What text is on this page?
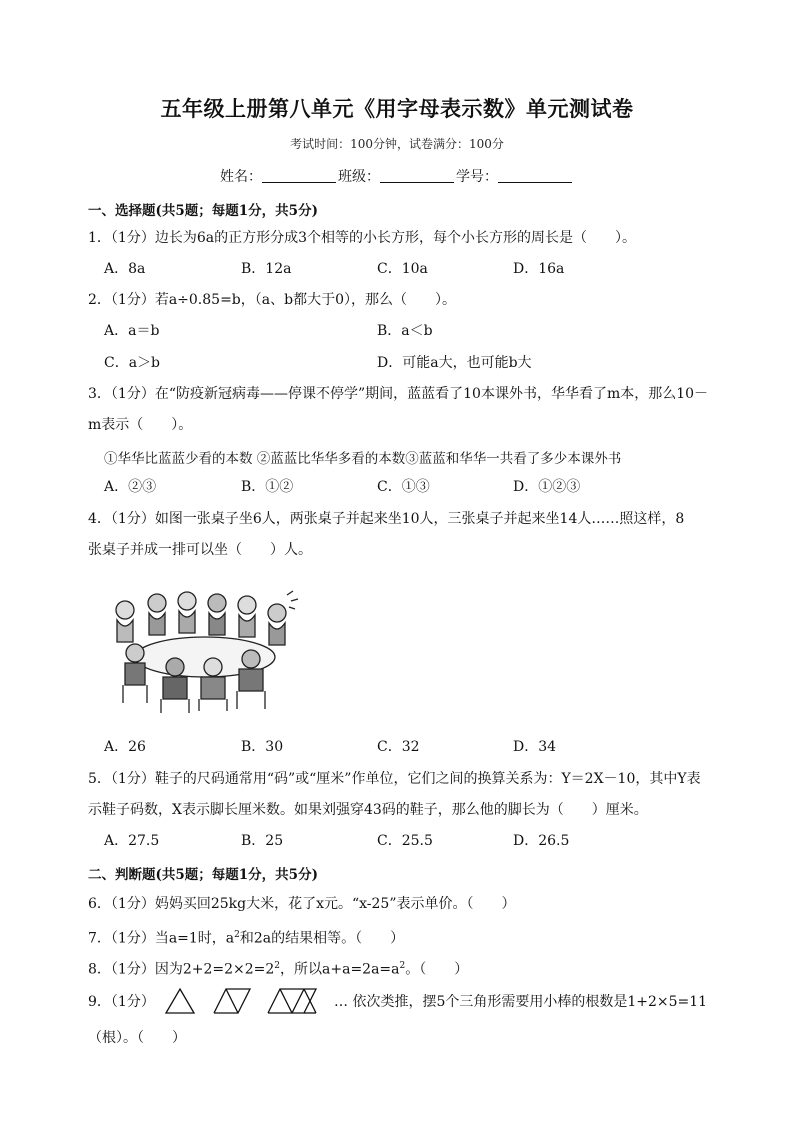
五年级上册第八单元《用字母表示数》单元测试卷
考试时间：100分钟，试卷满分：100分
姓名：	班级：	学号：
一、选择题(共5题；每题1分，共5分)
1．（1分）边长为6a的正方形分成3个相等的小长方形，每个小长方形的周长是（　　）。
A．8a	B．12a	C．10a	D．16a
2．（1分）若a÷0.85=b，（a、b都大于0），那么（　　）。
A．a＝b	B．a＜b
C．a＞b	D．可能a大，也可能b大
3．（1分）在“防疫新冠病毒——停课不停学”期间，蓝蓝看了10本课外书，华华看了m本，那么10－
m表示（　　）。
①华华比蓝蓝少看的本数 ②蓝蓝比华华多看的本数③蓝蓝和华华一共看了多少本课外书
A．②③	B．①②	C．①③	D．①②③
4．（1分）如图一张桌子坐6人，两张桌子并起来坐10人，三张桌子并起来坐14人……照这样，8
张桌子并成一排可以坐（　　）人。
A．26	B．30	C．32	D．34
5．（1分）鞋子的尺码通常用“码”或“厘米”作单位，它们之间的换算关系为：Y＝2X－10，其中Y表
示鞋子码数，X表示脚长厘米数。如果刘强穿43码的鞋子，那么他的脚长为（　　）厘米。
A．27.5	B．25	C．25.5	D．26.5
二、判断题(共5题；每题1分，共5分)
6．（1分）妈妈买回25kg大米，花了x元。“x-25”表示单价。（　　）
7．（1分）当a=1时，$a^2$和2a的结果相等。（　　）
8．（1分）因为$2+2=2\times 2=2^2$，所以$a+a=2a=a^2$。（　　）
9．（1分）	… 依次类推，摆5个三角形需要用小棒的根数是1+2×5=11
（根）。（　　）
